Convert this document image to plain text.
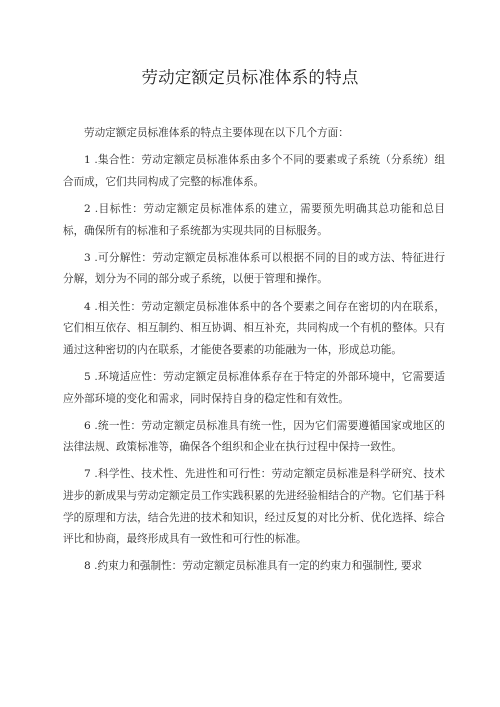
劳动定额定员标准体系的特点

劳动定额定员标准体系的特点主要体现在以下几个方面：

1 .集合性：劳动定额定员标准体系由多个不同的要素或子系统（分系统）组合而成，它们共同构成了完整的标准体系。

2 .目标性：劳动定额定员标准体系的建立，需要预先明确其总功能和总目标，确保所有的标准和子系统都为实现共同的目标服务。

3 .可分解性：劳动定额定员标准体系可以根据不同的目的或方法、特征进行分解，划分为不同的部分或子系统，以便于管理和操作。

4 .相关性：劳动定额定员标准体系中的各个要素之间存在密切的内在联系，它们相互依存、相互制约、相互协调、相互补充，共同构成一个有机的整体。只有通过这种密切的内在联系，才能使各要素的功能融为一体，形成总功能。

5 .环境适应性：劳动定额定员标准体系存在于特定的外部环境中，它需要适应外部环境的变化和需求，同时保持自身的稳定性和有效性。

6 .统一性：劳动定额定员标准具有统一性，因为它们需要遵循国家或地区的法律法规、政策标准等，确保各个组织和企业在执行过程中保持一致性。

7 .科学性、技术性、先进性和可行性：劳动定额定员标准是科学研究、技术进步的新成果与劳动定额定员工作实践积累的先进经验相结合的产物。它们基于科学的原理和方法，结合先进的技术和知识，经过反复的对比分析、优化选择、综合评比和协商，最终形成具有一致性和可行性的标准。

8 .约束力和强制性：劳动定额定员标准具有一定的约束力和强制性, 要求
